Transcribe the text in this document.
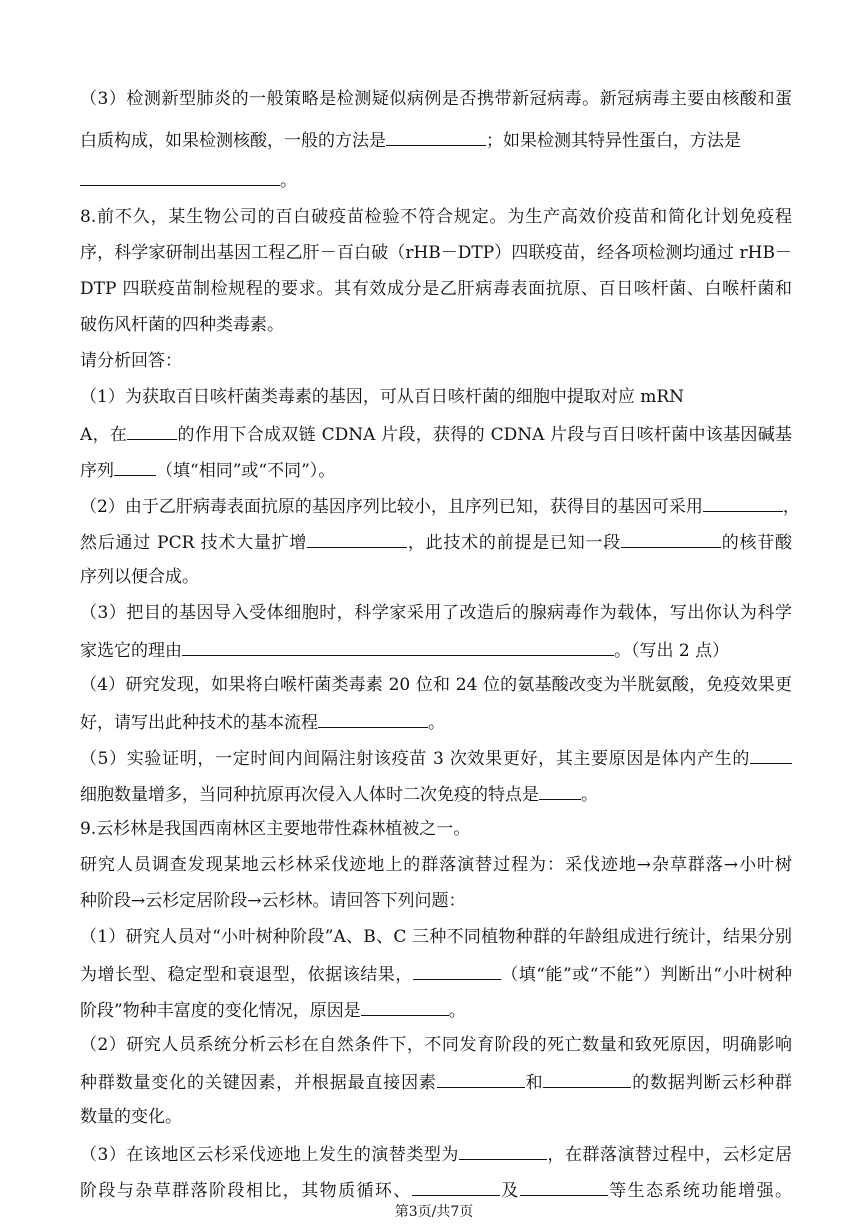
（3）检测新型肺炎的一般策略是检测疑似病例是否携带新冠病毒。新冠病毒主要由核酸和蛋
白质构成，如果检测核酸，一般的方法是	；如果检测其特异性蛋白，方法是
。
8.前不久，某生物公司的百白破疫苗检验不符合规定。为生产高效价疫苗和简化计划免疫程
序，科学家研制出基因工程乙肝－百白破（rHB－DTP）四联疫苗，经各项检测均通过 rHB－
DTP 四联疫苗制检规程的要求。其有效成分是乙肝病毒表面抗原、百日咳杆菌、白喉杆菌和
破伤风杆菌的四种类毒素。
请分析回答：
（1）为获取百日咳杆菌类毒素的基因，可从百日咳杆菌的细胞中提取对应 mRN
A，在	的作用下合成双链 CDNA 片段，获得的 CDNA 片段与百日咳杆菌中该基因碱基
序列 （填“相同”或“不同”）。
（2）由于乙肝病毒表面抗原的基因序列比较小，且序列已知，获得目的基因可采用	，
然后通过 PCR 技术大量扩增	，此技术的前提是已知一段	的核苷酸
序列以便合成。
（3）把目的基因导入受体细胞时，科学家采用了改造后的腺病毒作为载体，写出你认为科学
家选它的理由	。（写出 2 点）
（4）研究发现，如果将白喉杆菌类毒素 20 位和 24 位的氨基酸改变为半胱氨酸，免疫效果更
好，请写出此种技术的基本流程	。
（5）实验证明，一定时间内间隔注射该疫苗 3 次效果更好，其主要原因是体内产生的
细胞数量增多，当同种抗原再次侵入人体时二次免疫的特点是 。
9.云杉林是我国西南林区主要地带性森林植被之一。
研究人员调查发现某地云杉林采伐迹地上的群落演替过程为：采伐迹地→杂草群落→小叶树
种阶段→云杉定居阶段→云杉林。请回答下列问题：
（1）研究人员对“小叶树种阶段”A、B、C 三种不同植物种群的年龄组成进行统计，结果分别
为增长型、稳定型和衰退型，依据该结果，	（填“能”或“不能”）判断出“小叶树种
阶段”物种丰富度的变化情况，原因是	。
（2）研究人员系统分析云杉在自然条件下，不同发育阶段的死亡数量和致死原因，明确影响
种群数量变化的关键因素，并根据最直接因素	和	的数据判断云杉种群
数量的变化。
（3）在该地区云杉采伐迹地上发生的演替类型为	，在群落演替过程中，云杉定居
阶段与杂草群落阶段相比，其物质循环、	及	等生态系统功能增强。
第3页/共7页
